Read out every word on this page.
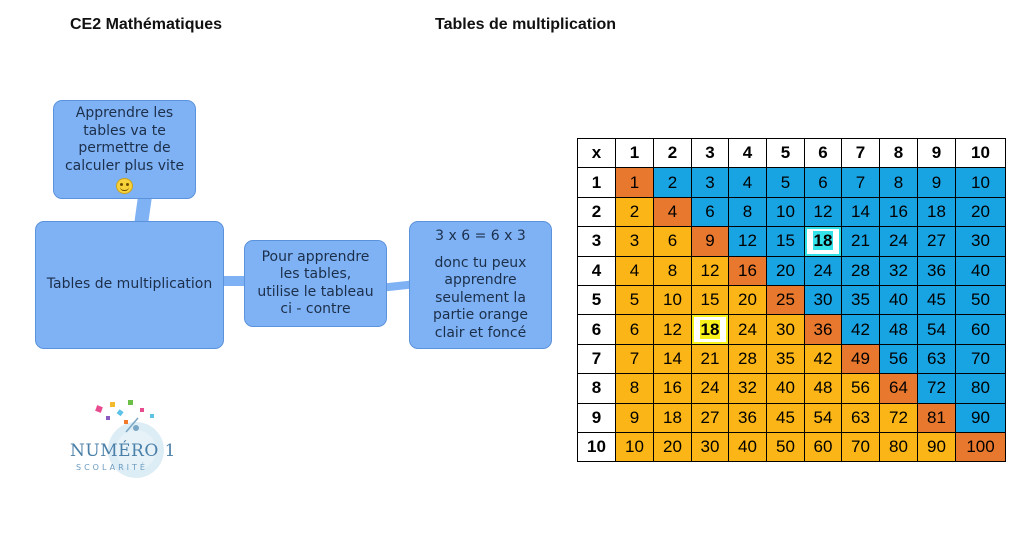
CE2 Mathématiques	Tables de multiplication
Apprendre les
tables va te
permettre de
calculer plus vite
Tables de multiplication
Pour apprendre
les tables,
utilise le tableau
ci - contre
3 x 6 = 6 x 3
donc tu peux
apprendre
seulement la
partie orange
clair et foncé
NUMÉRO 1
SCOLARITÉ
x	1	2	3	4	5	6	7	8	9	10
1	1	2	3	4	5	6	7	8	9	10
2	2	4	6	8	10	12	14	16	18	20
3	3	6	9	12	15	18	21	24	27	30
4	4	8	12	16	20	24	28	32	36	40
5	5	10	15	20	25	30	35	40	45	50
6	6	12	18	24	30	36	42	48	54	60
7	7	14	21	28	35	42	49	56	63	70
8	8	16	24	32	40	48	56	64	72	80
9	9	18	27	36	45	54	63	72	81	90
10	10	20	30	40	50	60	70	80	90	100
